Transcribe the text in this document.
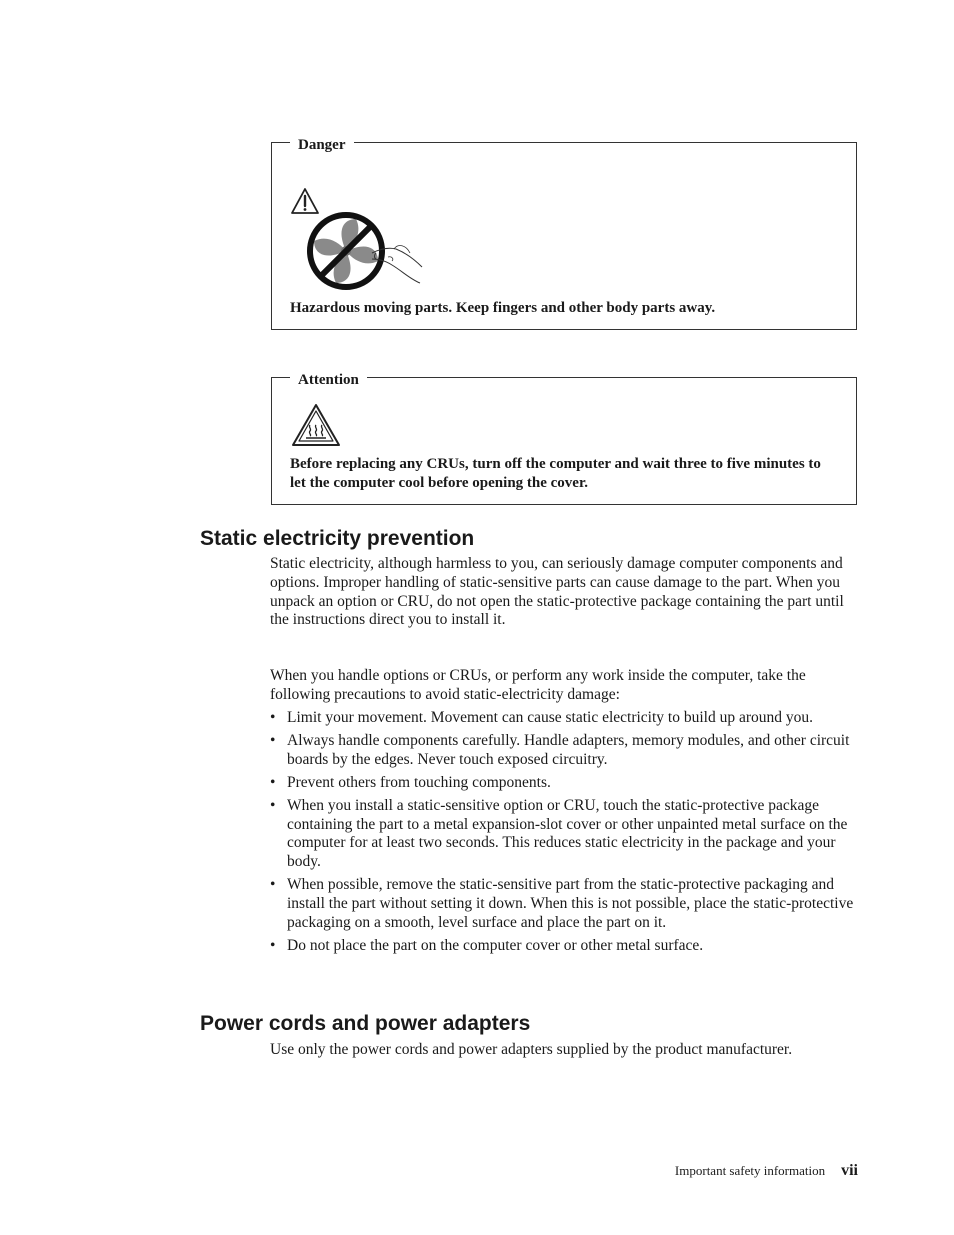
Danger
Hazardous moving parts. Keep fingers and other body parts away.
Attention
Before replacing any CRUs, turn off the computer and wait three to five minutes to let the computer cool before opening the cover.
Static electricity prevention

Static electricity, although harmless to you, can seriously damage computer components and options. Improper handling of static-sensitive parts can cause damage to the part. When you unpack an option or CRU, do not open the static-protective package containing the part until the instructions direct you to install it.

When you handle options or CRUs, or perform any work inside the computer, take the following precautions to avoid static-electricity damage:

• Limit your movement. Movement can cause static electricity to build up around you.
• Always handle components carefully. Handle adapters, memory modules, and other circuit boards by the edges. Never touch exposed circuitry.
• Prevent others from touching components.
• When you install a static-sensitive option or CRU, touch the static-protective package containing the part to a metal expansion-slot cover or other unpainted metal surface on the computer for at least two seconds. This reduces static electricity in the package and your body.
• When possible, remove the static-sensitive part from the static-protective packaging and install the part without setting it down. When this is not possible, place the static-protective packaging on a smooth, level surface and place the part on it.
• Do not place the part on the computer cover or other metal surface.
Power cords and power adapters

Use only the power cords and power adapters supplied by the product manufacturer.

Important safety information vii
